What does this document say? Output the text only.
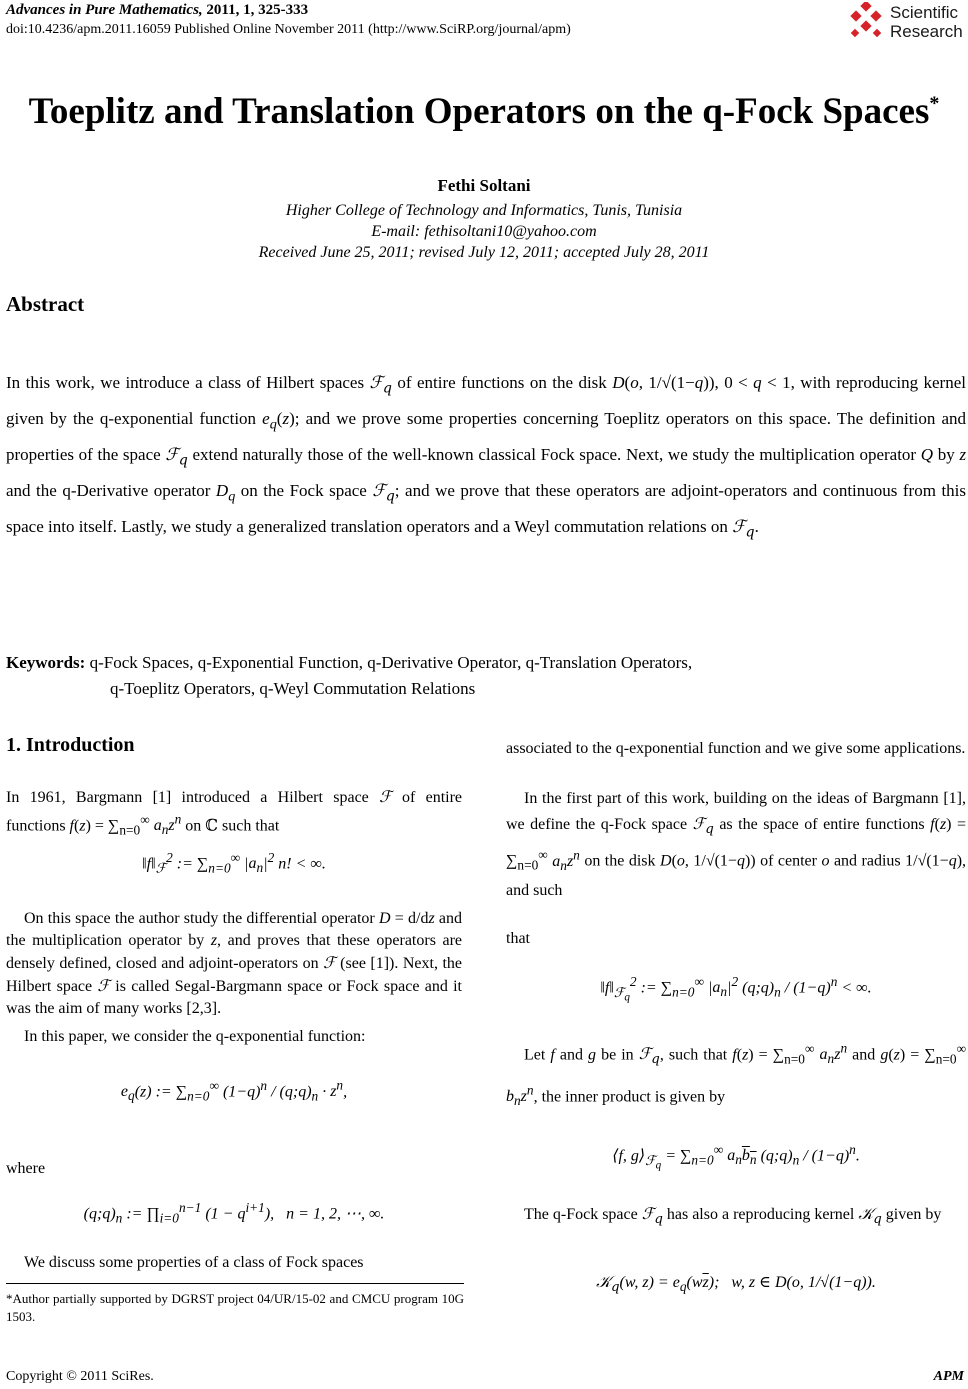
Advances in Pure Mathematics, 2011, 1, 325-333
doi:10.4236/apm.2011.16059 Published Online November 2011 (http://www.SciRP.org/journal/apm)
Scientific
Research
Toeplitz and Translation Operators on the q-Fock Spaces*
Fethi Soltani
Higher College of Technology and Informatics, Tunis, Tunisia
E-mail: fethisoltani10@yahoo.com
Received June 25, 2011; revised July 12, 2011; accepted July 28, 2011
Abstract
In this work, we introduce a class of Hilbert spaces ℱ$_q$ of entire functions on the disk D(o, 1/√(1−q)), 0 < q < 1, with reproducing kernel given by the q-exponential function $e_q(z)$; and we prove some properties concerning Toeplitz operators on this space. The definition and properties of the space ℱ$_q$ extend naturally those of the well-known classical Fock space. Next, we study the multiplication operator Q by z and the q-Derivative operator $D_q$ on the Fock space ℱ$_q$; and we prove that these operators are adjoint-operators and continuous from this space into itself. Lastly, we study a generalized translation operators and a Weyl commutation relations on ℱ$_q$.
Keywords: q-Fock Spaces, q-Exponential Function, q-Derivative Operator, q-Translation Operators,
q-Toeplitz Operators, q-Weyl Commutation Relations
1. Introduction
In 1961, Bargmann [1] introduced a Hilbert space ℱ of entire functions $f(z) = \sum_{n=0}^\infty$ $a_nz^n$ on ℂ such that
$‖f‖_ℱ^2$ := $\sum_{n=0}^\infty$ $|a_n|^2$ n! < ∞.
On this space the author study the differential operator D = d/dz and the multiplication operator by z, and proves that these operators are densely defined, closed and adjoint-operators on ℱ (see [1]). Next, the Hilbert space ℱ is called Segal-Bargmann space or Fock space and it was the aim of many works [2,3].
In this paper, we consider the q-exponential function:
$e_q(z)$ := $\sum_{n=0}^\infty$ $(1-q)^n$ / $(q;q)_n \cdot z^n$,
where
$(q;q)_n$ := $\prod_{i=0}^{n-1}$ $(1 - q^{i+1})$,   n = 1, 2, ⋯, ∞.
We discuss some properties of a class of Fock spaces
*Author partially supported by DGRST project 04/UR/15-02 and CMCU program 10G 1503.
associated to the q-exponential function and we give some applications.
In the first part of this work, building on the ideas of Bargmann [1], we define the q-Fock space ℱ$_q$ as the space of entire functions $f(z) = \sum_{n=0}^\infty$ $a_nz^n$ on the disk D(o, 1/√(1−q)) of center o and radius 1/√(1−q), and such
that
$‖f‖_{ℱ_q}^2$ := $\sum_{n=0}^\infty$ $|a_n|^2$ $(q;q)_n / (1-q)^n$ < ∞.
Let f and g be in ℱ$_q$, such that $f(z) = \sum_{n=0}^\infty$ $a_nz^n$ and $g(z) = \sum_{n=0}^\infty$ $b_nz^n$, the inner product is given by
⟨f, $g⟩_{ℱ_q} = \sum_{n=0}^\infty$ $a_nb_n$ $(q;q)_n / (1-q)^n$.
The q-Fock space ℱ$_q$ has also a reproducing kernel 𝒦$_q$ given by
𝒦$_q$(w, $z) = e_q(w\overline{z})$;   w, z ∈ D(o, 1/√(1−q)).
Copyright © 2011 SciRes.	APM
